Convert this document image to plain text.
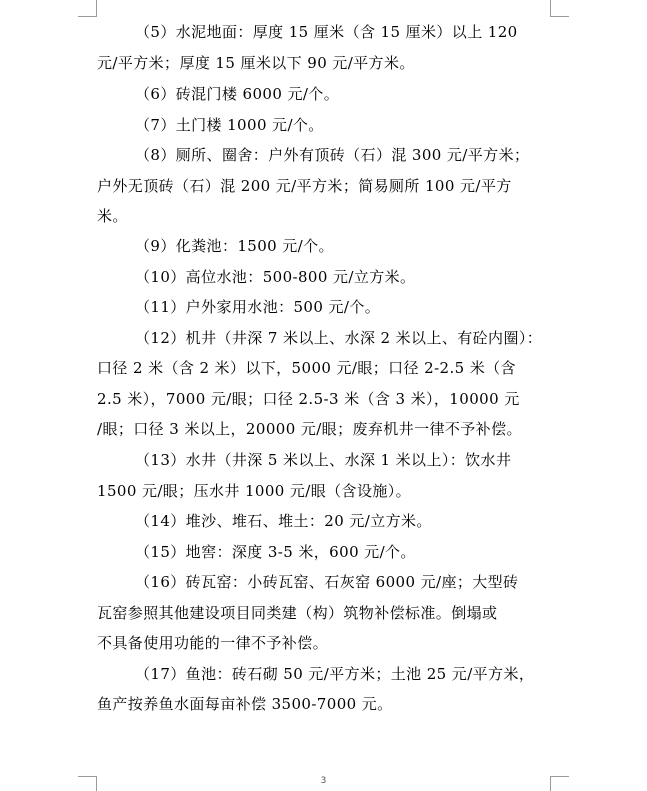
（5）水泥地面：厚度 15 厘米（含 15 厘米）以上 120
元/平方米；厚度 15 厘米以下 90 元/平方米。
（6）砖混门楼 6000 元/个。
（7）土门楼 1000 元/个。
（8）厕所、圈舍：户外有顶砖（石）混 300 元/平方米；
户外无顶砖（石）混 200 元/平方米；简易厕所 100 元/平方
米。
（9）化粪池：1500 元/个。
（10）高位水池：500-800 元/立方米。
（11）户外家用水池：500 元/个。
（12）机井（井深 7 米以上、水深 2 米以上、有砼内圈）：
口径 2 米（含 2 米）以下，5000 元/眼；口径 2-2.5 米（含
2.5 米），7000 元/眼；口径 2.5-3 米（含 3 米），10000 元
/眼；口径 3 米以上，20000 元/眼；废弃机井一律不予补偿。
（13）水井（井深 5 米以上、水深 1 米以上）：饮水井
1500 元/眼；压水井 1000 元/眼（含设施）。
（14）堆沙、堆石、堆土：20 元/立方米。
（15）地窖：深度 3-5 米，600 元/个。
（16）砖瓦窑：小砖瓦窑、石灰窑 6000 元/座；大型砖
瓦窑参照其他建设项目同类建（构）筑物补偿标准。倒塌或
不具备使用功能的一律不予补偿。
（17）鱼池：砖石砌 50 元/平方米；土池 25 元/平方米，
鱼产按养鱼水面每亩补偿 3500-7000 元。
3
